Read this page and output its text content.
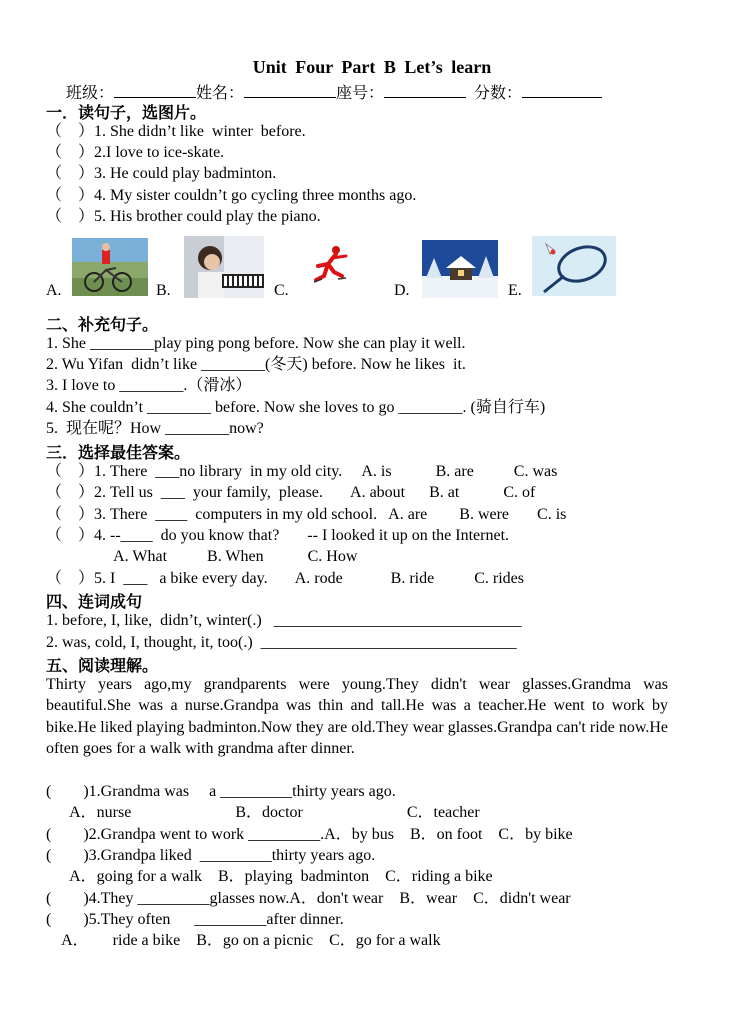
Unit Four Part B Let’s learn
班级：	姓名：	座号：	分数：
一．读句子，选图片。
（    ）1. She didn’t like  winter  before.
（    ）2.I love to ice-skate.
（    ）3. He could play badminton.
（    ）4. My sister couldn’t go cycling three months ago.
（    ）5. His brother could play the piano.
A.	B.	C.	D.	E.
二、补充句子。
1. She ________play ping pong before. Now she can play it well.
2. Wu Yifan  didn’t like ________(冬天) before. Now he likes  it.
3. I love to ________.（滑冰）
4. She couldn’t ________ before. Now she loves to go ________. (骑自行车)
5.  现在呢？How ________now?
三．选择最佳答案。
（    ）1. There  ___no library  in my old city.     A. is           B. are          C. was
（    ）2. Tell us  ___  your family,  please.       A. about      B. at           C. of
（    ）3. There  ____  computers in my old school.   A. are        B. were       C. is
（    ）4. --____  do you know that?       -- I looked it up on the Internet.
A. What          B. When           C. How
（    ）5. I  ___   a bike every day.       A. rode            B. ride          C. rides
四、连词成句
1. before, I, like,  didn’t, winter(.)   _______________________________
2. was, cold, I, thought, it, too(.)  ________________________________
五、阅读理解。
Thirty years ago,my grandparents were young.They didn't wear glasses.Grandma was beautiful.She was a nurse.Grandpa was thin and tall.He was a teacher.He went to work by bike.He liked playing badminton.Now they are old.They wear glasses.Grandpa can't ride now.He often goes for a walk with grandma after dinner.
(        )1.Grandma was     a _________thirty years ago.
A．nurse                          B．doctor                          C．teacher
(        )2.Grandpa went to work _________.A．by bus    B．on foot    C．by bike
(        )3.Grandpa liked  _________thirty years ago.
A．going for a walk    B．playing  badminton    C．riding a bike
(        )4.They _________glasses now.A．don't wear    B．wear    C．didn't wear
(        )5.They often      _________after dinner.
A．      ride a bike    B．go on a picnic    C．go for a walk
